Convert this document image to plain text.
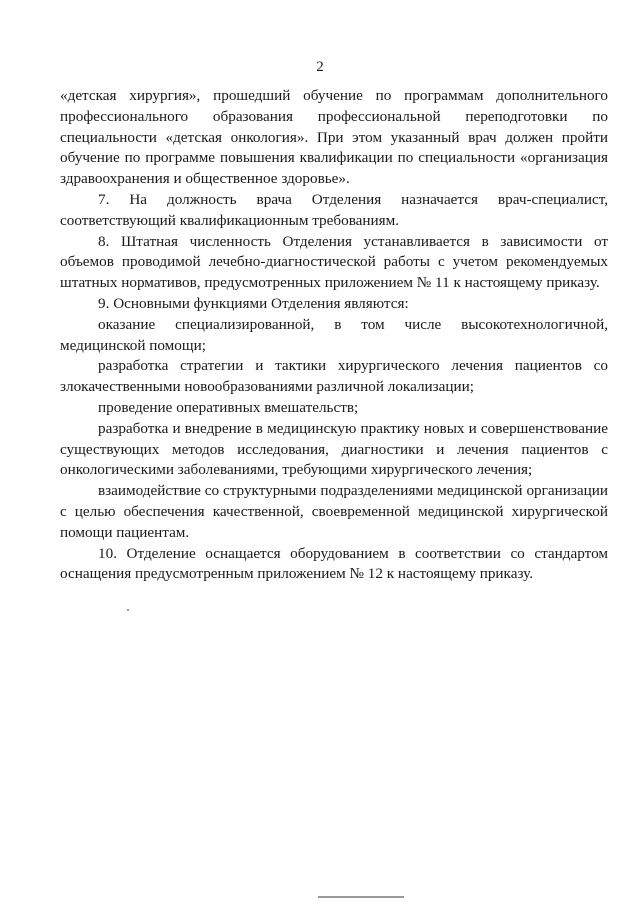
2

«детская хирургия», прошедший обучение по программам дополнительного профессионального образования профессиональной переподготовки по специальности «детская онкология». При этом указанный врач должен пройти обучение по программе повышения квалификации по специальности «организация здравоохранения и общественное здоровье».

7. На должность врача Отделения назначается врач-специалист, соответствующий квалификационным требованиям.

8. Штатная численность Отделения устанавливается в зависимости от объемов проводимой лечебно-диагностической работы с учетом рекомендуемых штатных нормативов, предусмотренных приложением № 11 к настоящему приказу.

9. Основными функциями Отделения являются:

оказание специализированной, в том числе высокотехнологичной, медицинской помощи;

разработка стратегии и тактики хирургического лечения пациентов со злокачественными новообразованиями различной локализации;

проведение оперативных вмешательств;

разработка и внедрение в медицинскую практику новых и совершенствование существующих методов исследования, диагностики и лечения пациентов с онкологическими заболеваниями, требующими хирургического лечения;

взаимодействие со структурными подразделениями медицинской организации с целью обеспечения качественной, своевременной медицинской хирургической помощи пациентам.

10. Отделение оснащается оборудованием в соответствии со стандартом оснащения предусмотренным приложением № 12 к настоящему приказу.
